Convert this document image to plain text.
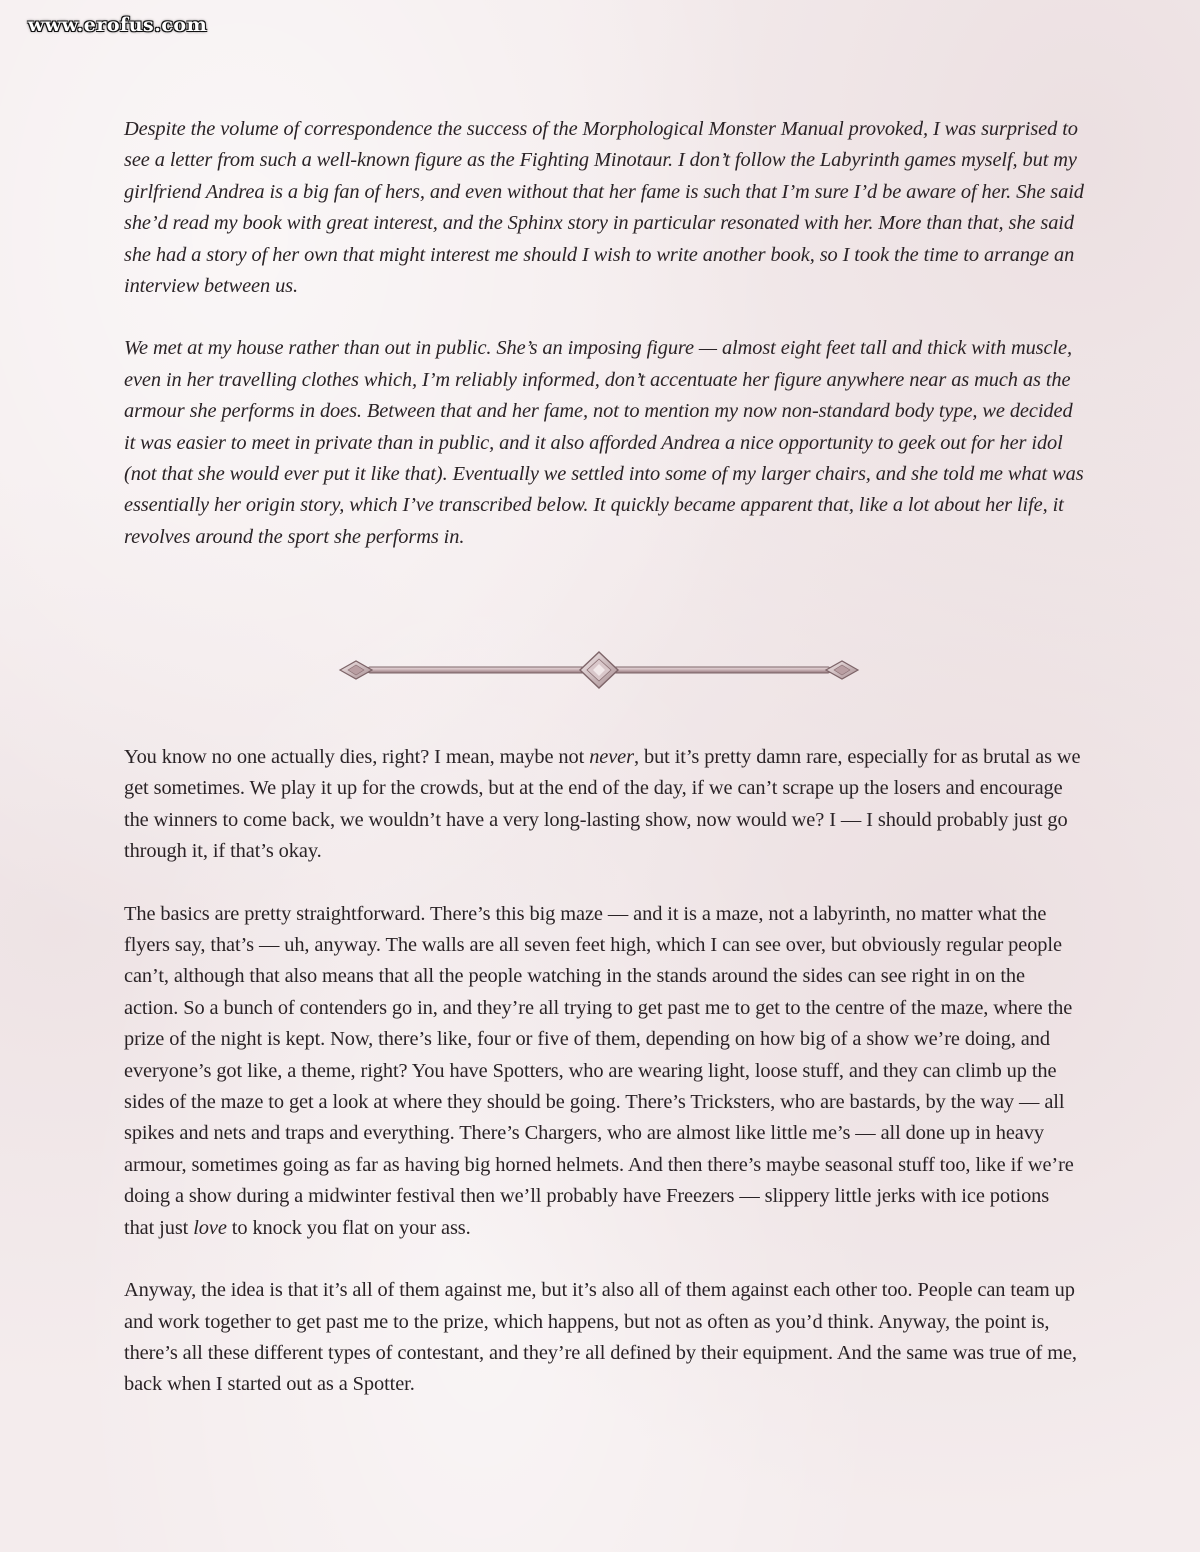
www.erofus.com

Despite the volume of correspondence the success of the Morphological Monster Manual provoked, I was surprised to see a letter from such a well-known figure as the Fighting Minotaur. I don’t follow the Labyrinth games myself, but my girlfriend Andrea is a big fan of hers, and even without that her fame is such that I’m sure I’d be aware of her. She said she’d read my book with great interest, and the Sphinx story in particular resonated with her. More than that, she said she had a story of her own that might interest me should I wish to write another book, so I took the time to arrange an interview between us.

We met at my house rather than out in public. She’s an imposing figure — almost eight feet tall and thick with muscle, even in her travelling clothes which, I’m reliably informed, don’t accentuate her figure anywhere near as much as the armour she performs in does. Between that and her fame, not to mention my now non-standard body type, we decided it was easier to meet in private than in public, and it also afforded Andrea a nice opportunity to geek out for her idol (not that she would ever put it like that). Eventually we settled into some of my larger chairs, and she told me what was essentially her origin story, which I’ve transcribed below. It quickly became apparent that, like a lot about her life, it revolves around the sport she performs in.

You know no one actually dies, right? I mean, maybe not never, but it’s pretty damn rare, especially for as brutal as we get sometimes. We play it up for the crowds, but at the end of the day, if we can’t scrape up the losers and encourage the winners to come back, we wouldn’t have a very long-lasting show, now would we? I — I should probably just go through it, if that’s okay.

The basics are pretty straightforward. There’s this big maze — and it is a maze, not a labyrinth, no matter what the flyers say, that’s — uh, anyway. The walls are all seven feet high, which I can see over, but obviously regular people can’t, although that also means that all the people watching in the stands around the sides can see right in on the action. So a bunch of contenders go in, and they’re all trying to get past me to get to the centre of the maze, where the prize of the night is kept. Now, there’s like, four or five of them, depending on how big of a show we’re doing, and everyone’s got like, a theme, right? You have Spotters, who are wearing light, loose stuff, and they can climb up the sides of the maze to get a look at where they should be going. There’s Tricksters, who are bastards, by the way — all spikes and nets and traps and everything. There’s Chargers, who are almost like little me’s — all done up in heavy armour, sometimes going as far as having big horned helmets. And then there’s maybe seasonal stuff too, like if we’re doing a show during a midwinter festival then we’ll probably have Freezers — slippery little jerks with ice potions that just love to knock you flat on your ass.

Anyway, the idea is that it’s all of them against me, but it’s also all of them against each other too. People can team up and work together to get past me to the prize, which happens, but not as often as you’d think. Anyway, the point is, there’s all these different types of contestant, and they’re all defined by their equipment. And the same was true of me, back when I started out as a Spotter.
